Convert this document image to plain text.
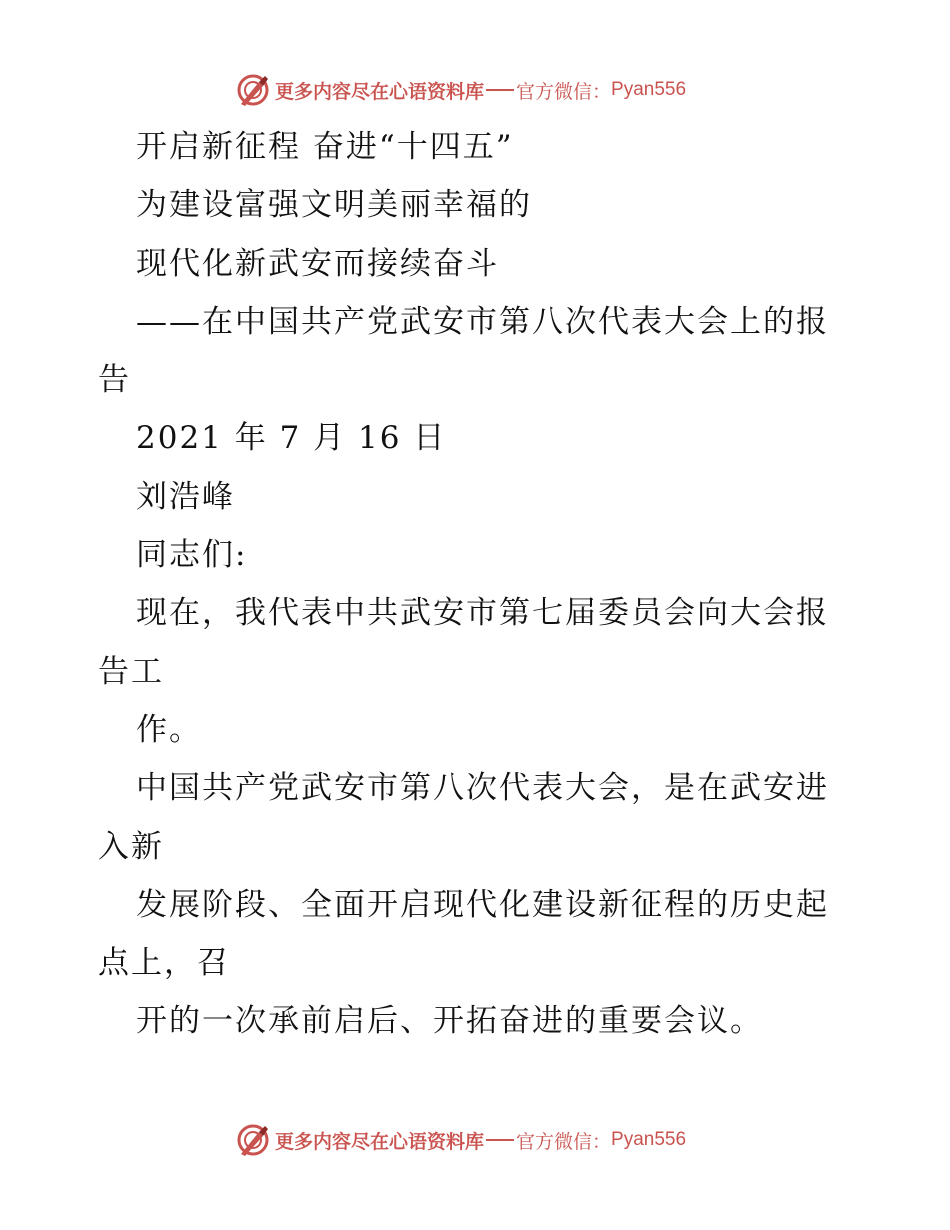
更多内容尽在心语资料库 官方微信： Pyan556
开启新征程 奋进“十四五”
为建设富强文明美丽幸福的
现代化新武安而接续奋斗
——在中国共产党武安市第八次代表大会上的报
告
2021 年 7 月 16 日
刘浩峰
同志们:
现在，我代表中共武安市第七届委员会向大会报
告工
作。
中国共产党武安市第八次代表大会，是在武安进
入新
发展阶段、全面开启现代化建设新征程的历史起
点上，召
开的一次承前启后、开拓奋进的重要会议。
更多内容尽在心语资料库 官方微信： Pyan556
